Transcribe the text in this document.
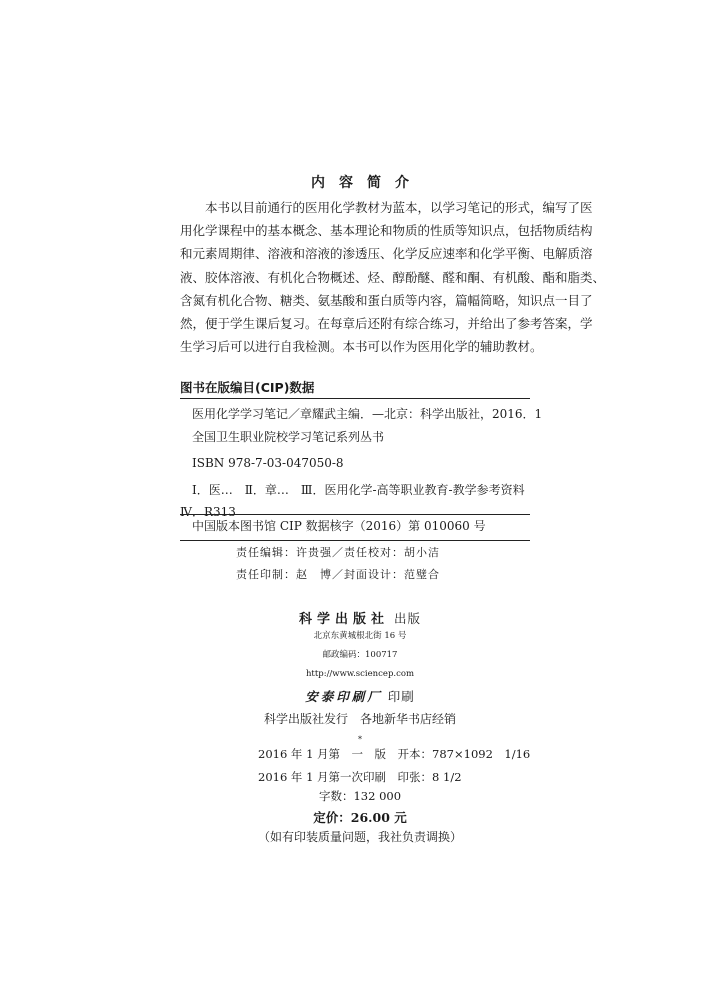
内容简介
本书以目前通行的医用化学教材为蓝本，以学习笔记的形式，编写了医
用化学课程中的基本概念、基本理论和物质的性质等知识点，包括物质结构
和元素周期律、溶液和溶液的渗透压、化学反应速率和化学平衡、电解质溶
液、胶体溶液、有机化合物概述、烃、醇酚醚、醛和酮、有机酸、酯和脂类、
含氮有机化合物、糖类、氨基酸和蛋白质等内容，篇幅简略，知识点一目了
然，便于学生课后复习。在每章后还附有综合练习，并给出了参考答案，学
生学习后可以进行自我检测。本书可以作为医用化学的辅助教材。
图书在版编目(CIP)数据
医用化学学习笔记／章耀武主编．—北京：科学出版社，2016．1
全国卫生职业院校学习笔记系列丛书
ISBN 978-7-03-047050-8
Ⅰ．医…　Ⅱ．章…　Ⅲ．医用化学-高等职业教育-教学参考资料
Ⅳ．R313
中国版本图书馆 CIP 数据核字（2016）第 010060 号
责任编辑：许贵强／责任校对：胡小洁
责任印制：赵　博／封面设计：范璧合
科学出版社 出版
北京东黄城根北街 16 号
邮政编码：100717
http://www.sciencep.com
安泰印刷厂 印刷
科学出版社发行　各地新华书店经销
*
2016 年 1 月第　一　版　开本：787×1092　1/16
2016 年 1 月第一次印刷　印张：8 1/2
字数：132 000
定价：26.00 元
（如有印装质量问题，我社负责调换）
